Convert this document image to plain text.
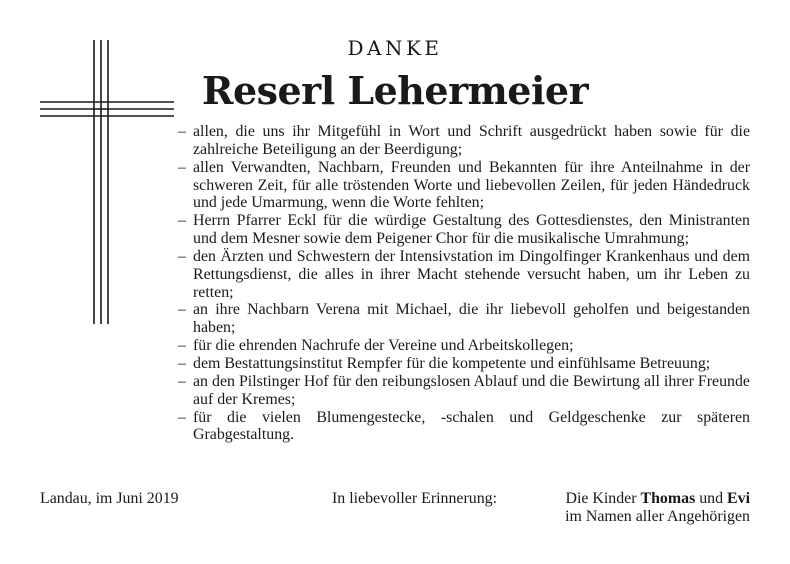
DANKE
Reserl Lehermeier
– allen, die uns ihr Mitgefühl in Wort und Schrift ausgedrückt haben sowie für die zahlreiche Beteiligung an der Beerdigung;
– allen Verwandten, Nachbarn, Freunden und Bekannten für ihre Anteilnahme in der schweren Zeit, für alle tröstenden Worte und liebevollen Zeilen, für jeden Händedruck und jede Umarmung, wenn die Worte fehlten;
– Herrn Pfarrer Eckl für die würdige Gestaltung des Gottesdienstes, den Ministranten und dem Mesner sowie dem Peigener Chor für die musikalische Umrahmung;
– den Ärzten und Schwestern der Intensivstation im Dingolfinger Krankenhaus und dem Rettungsdienst, die alles in ihrer Macht stehende versucht haben, um ihr Leben zu retten;
– an ihre Nachbarn Verena mit Michael, die ihr liebevoll geholfen und beigestanden haben;
– für die ehrenden Nachrufe der Vereine und Arbeitskollegen;
– dem Bestattungsinstitut Rempfer für die kompetente und einfühlsame Betreuung;
– an den Pilstinger Hof für den reibungslosen Ablauf und die Bewirtung all ihrer Freunde auf der Kremes;
– für die vielen Blumengestecke, -schalen und Geldgeschenke zur späteren Grabgestaltung.
Landau, im Juni 2019	In liebevoller Erinnerung:	Die Kinder Thomas und Evi
im Namen aller Angehörigen
